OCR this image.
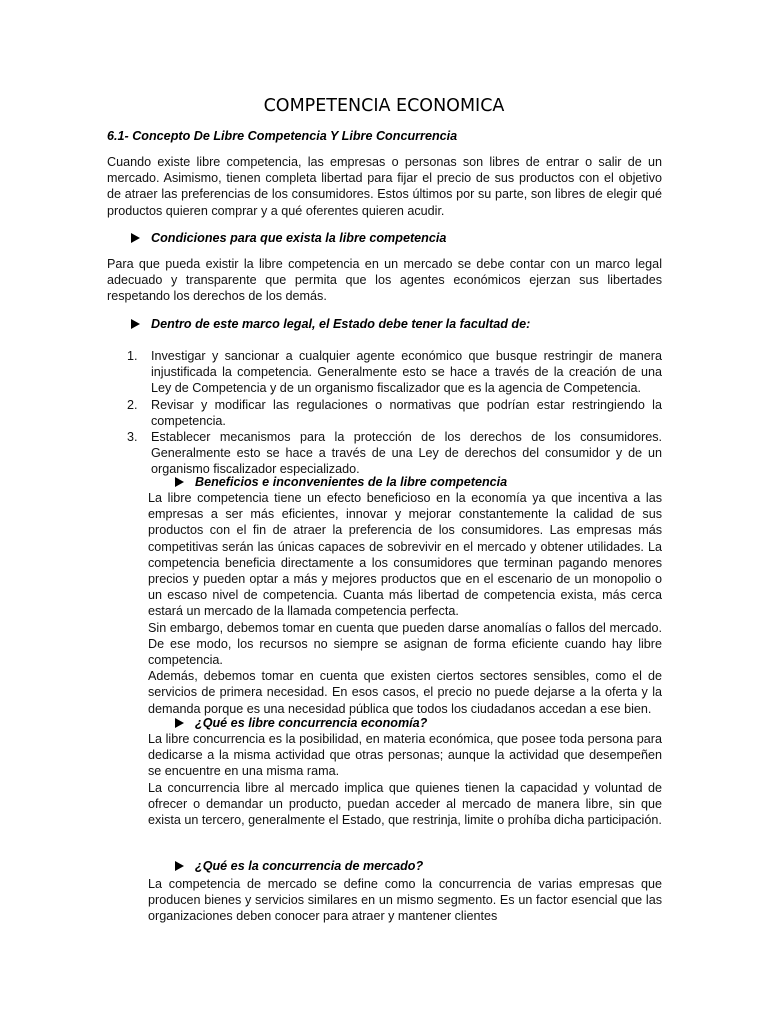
COMPETENCIA ECONOMICA
6.1- Concepto De Libre Competencia Y Libre Concurrencia

Cuando existe libre competencia, las empresas o personas son libres de entrar o salir de un mercado. Asimismo, tienen completa libertad para fijar el precio de sus productos con el objetivo de atraer las preferencias de los consumidores. Estos últimos por su parte, son libres de elegir qué productos quieren comprar y a qué oferentes quieren acudir.

Condiciones para que exista la libre competencia

Para que pueda existir la libre competencia en un mercado se debe contar con un marco legal adecuado y transparente que permita que los agentes económicos ejerzan sus libertades respetando los derechos de los demás.

Dentro de este marco legal, el Estado debe tener la facultad de:
1. Investigar y sancionar a cualquier agente económico que busque restringir de manera injustificada la competencia. Generalmente esto se hace a través de la creación de una Ley de Competencia y de un organismo fiscalizador que es la agencia de Competencia.
2. Revisar y modificar las regulaciones o normativas que podrían estar restringiendo la competencia.
3. Establecer mecanismos para la protección de los derechos de los consumidores. Generalmente esto se hace a través de una Ley de derechos del consumidor y de un organismo fiscalizador especializado.
Beneficios e inconvenientes de la libre competencia

La libre competencia tiene un efecto beneficioso en la economía ya que incentiva a las empresas a ser más eficientes, innovar y mejorar constantemente la calidad de sus productos con el fin de atraer la preferencia de los consumidores. Las empresas más competitivas serán las únicas capaces de sobrevivir en el mercado y obtener utilidades. La competencia beneficia directamente a los consumidores que terminan pagando menores precios y pueden optar a más y mejores productos que en el escenario de un monopolio o un escaso nivel de competencia. Cuanta más libertad de competencia exista, más cerca estará un mercado de la llamada competencia perfecta.

Sin embargo, debemos tomar en cuenta que pueden darse anomalías o fallos del mercado. De ese modo, los recursos no siempre se asignan de forma eficiente cuando hay libre competencia.

Además, debemos tomar en cuenta que existen ciertos sectores sensibles, como el de servicios de primera necesidad. En esos casos, el precio no puede dejarse a la oferta y la demanda porque es una necesidad pública que todos los ciudadanos accedan a ese bien.

¿Qué es libre concurrencia economía?

La libre concurrencia es la posibilidad, en materia económica, que posee toda persona para dedicarse a la misma actividad que otras personas; aunque la actividad que desempeñen se encuentre en una misma rama.

La concurrencia libre al mercado implica que quienes tienen la capacidad y voluntad de ofrecer o demandar un producto, puedan acceder al mercado de manera libre, sin que exista un tercero, generalmente el Estado, que restrinja, limite o prohíba dicha participación.

¿Qué es la concurrencia de mercado?

La competencia de mercado se define como la concurrencia de varias empresas que producen bienes y servicios similares en un mismo segmento. Es un factor esencial que las organizaciones deben conocer para atraer y mantener clientes
